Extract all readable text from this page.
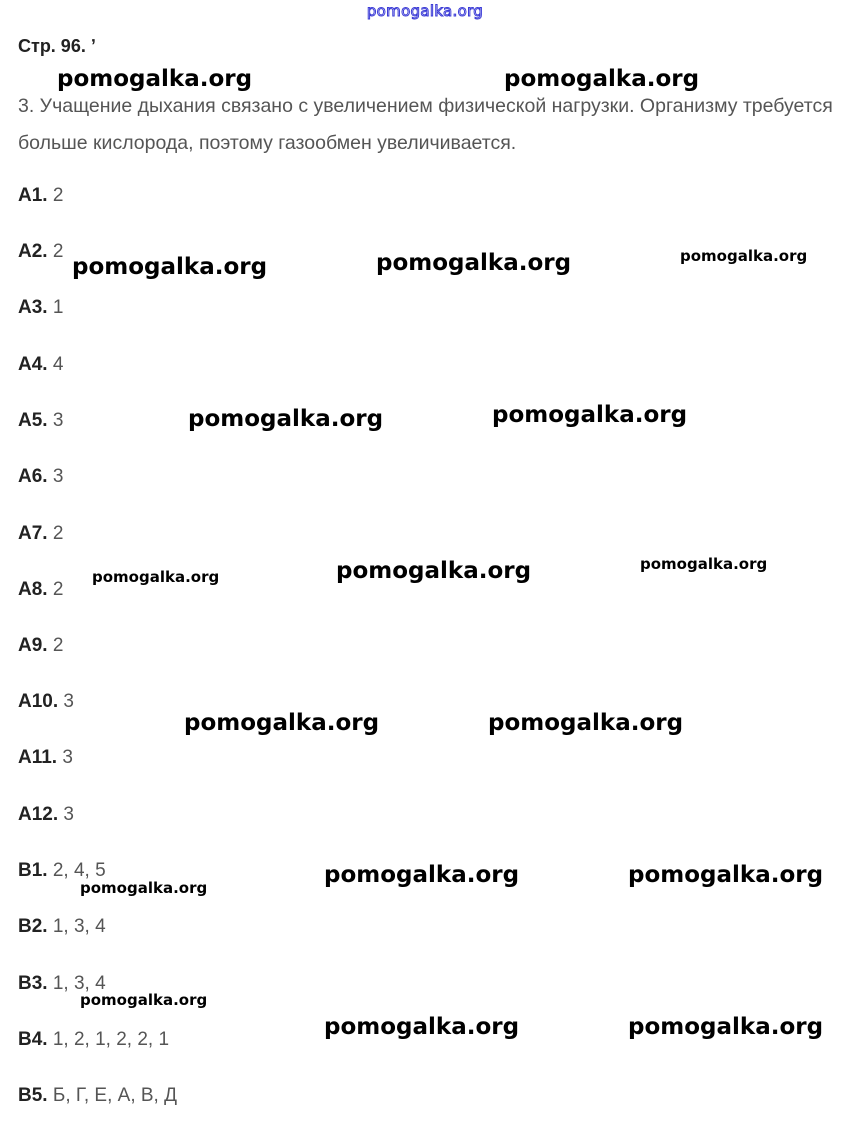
pomogalka.org
Стр. 96. ʼ
3. Учащение дыхания связано с увеличением физической нагрузки. Организму требуется больше кислорода, поэтому газообмен увеличивается.
А1. 2
А2. 2
А3. 1
А4. 4
А5. 3
А6. 3
А7. 2
А8. 2
А9. 2
А10. 3
А11. 3
А12. 3
В1. 2, 4, 5
В2. 1, 3, 4
В3. 1, 3, 4
В4. 1, 2, 1, 2, 2, 1
В5. Б, Г, Е, А, В, Д
pomogalka.org	pomogalka.org
pomogalka.org	pomogalka.org	pomogalka.org
pomogalka.org	pomogalka.org
pomogalka.org	pomogalka.org	pomogalka.org
pomogalka.org	pomogalka.org
pomogalka.org	pomogalka.org	pomogalka.org
pomogalka.org
pomogalka.org	pomogalka.org
